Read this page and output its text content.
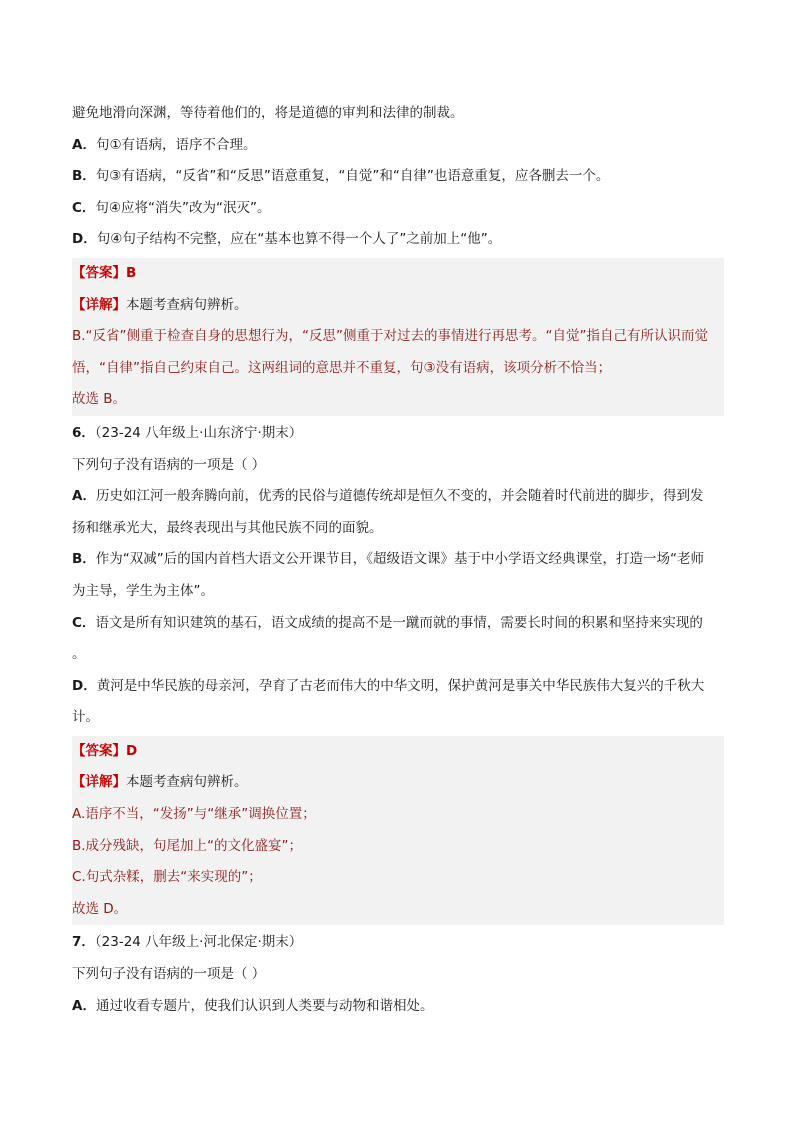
避免地滑向深渊，等待着他们的，将是道德的审判和法律的制裁。
A．句①有语病，语序不合理。
B．句③有语病，“反省”和“反思”语意重复，“自觉”和“自律”也语意重复，应各删去一个。
C．句④应将“消失”改为“泯灭”。
D．句④句子结构不完整，应在“基本也算不得一个人了”之前加上“他”。
【答案】B
【详解】本题考查病句辨析。
B.“反省”侧重于检查自身的思想行为，“反思”侧重于对过去的事情进行再思考。“自觉”指自己有所认识而觉
悟，“自律”指自己约束自己。这两组词的意思并不重复，句③没有语病，该项分析不恰当；
故选 B。
6．（23-24 八年级上·山东济宁·期末）
下列句子没有语病的一项是（ ）
A．历史如江河一般奔腾向前，优秀的民俗与道德传统却是恒久不变的，并会随着时代前进的脚步，得到发
扬和继承光大，最终表现出与其他民族不同的面貌。
B．作为“双减”后的国内首档大语文公开课节目，《超级语文课》基于中小学语文经典课堂，打造一场“老师
为主导，学生为主体”。
C．语文是所有知识建筑的基石，语文成绩的提高不是一蹴而就的事情，需要长时间的积累和坚持来实现的
。
D．黄河是中华民族的母亲河，孕育了古老而伟大的中华文明，保护黄河是事关中华民族伟大复兴的千秋大
计。
【答案】D
【详解】本题考查病句辨析。
A.语序不当，“发扬”与“继承”调换位置；
B.成分残缺，句尾加上“的文化盛宴”；
C.句式杂糅，删去“来实现的”；
故选 D。
7．（23-24 八年级上·河北保定·期末）
下列句子没有语病的一项是（ ）
A．通过收看专题片，使我们认识到人类要与动物和谐相处。
